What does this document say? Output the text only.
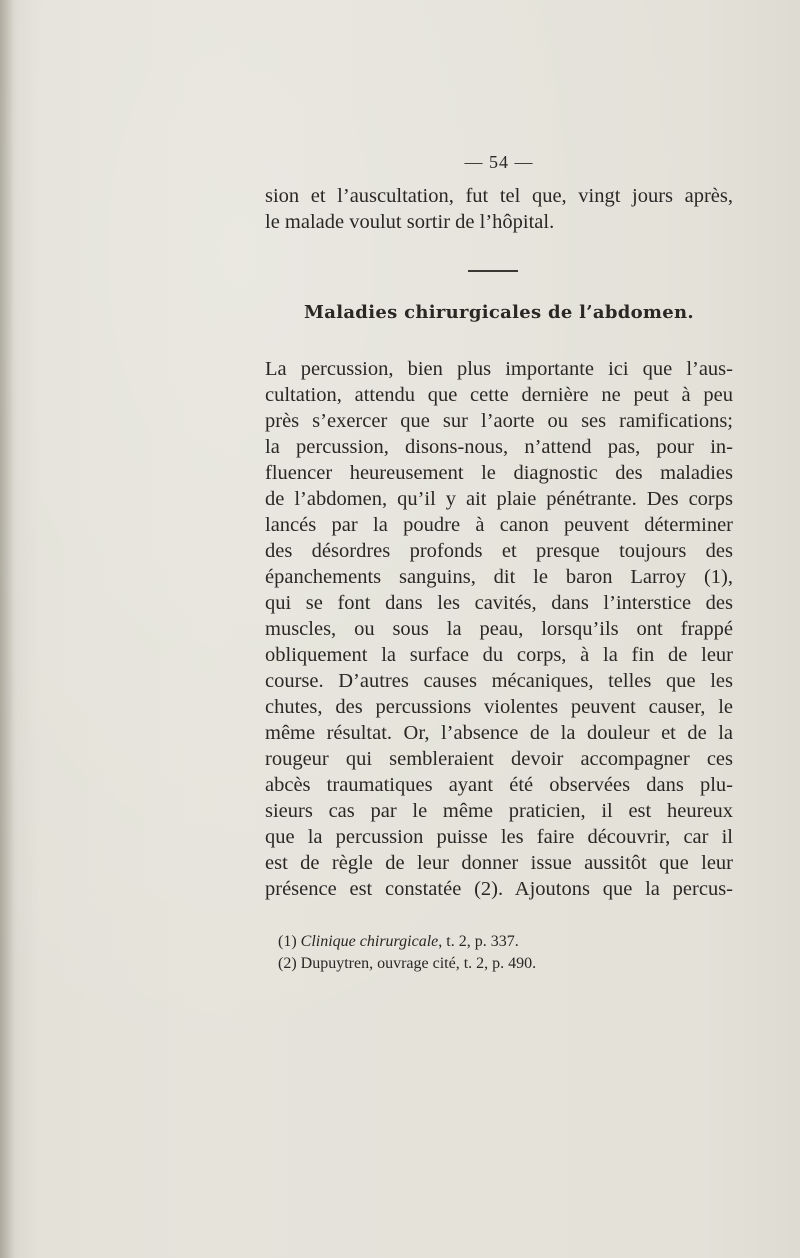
— 54 —
sion et l’auscultation, fut tel que, vingt jours après,
le malade voulut sortir de l’hôpital.
Maladies chirurgicales de l’abdomen.
La percussion, bien plus importante ici que l’aus-
cultation, attendu que cette dernière ne peut à peu
près s’exercer que sur l’aorte ou ses ramifications;
la percussion, disons-nous, n’attend pas, pour in-
fluencer heureusement le diagnostic des maladies
de l’abdomen, qu’il y ait plaie pénétrante. Des corps
lancés par la poudre à canon peuvent déterminer
des désordres profonds et presque toujours des
épanchements sanguins, dit le baron Larroy (1),
qui se font dans les cavités, dans l’interstice des
muscles, ou sous la peau, lorsqu’ils ont frappé
obliquement la surface du corps, à la fin de leur
course. D’autres causes mécaniques, telles que les
chutes, des percussions violentes peuvent causer, le
même résultat. Or, l’absence de la douleur et de la
rougeur qui sembleraient devoir accompagner ces
abcès traumatiques ayant été observées dans plu-
sieurs cas par le même praticien, il est heureux
que la percussion puisse les faire découvrir, car il
est de règle de leur donner issue aussitôt que leur
présence est constatée (2). Ajoutons que la percus-
(1) Clinique chirurgicale, t. 2, p. 337.
(2) Dupuytren, ouvrage cité, t. 2, p. 490.
